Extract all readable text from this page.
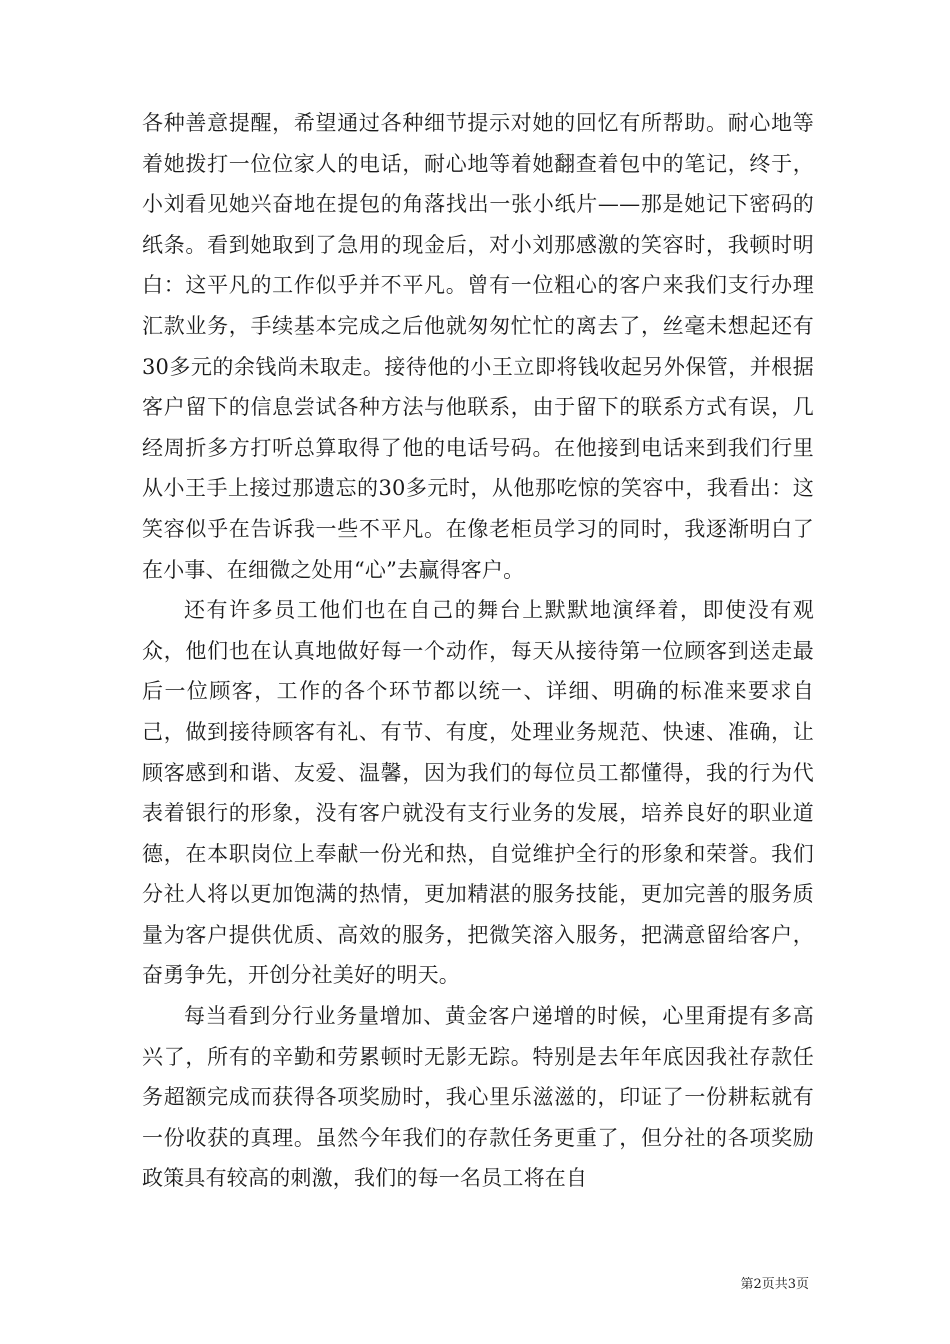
各种善意提醒，希望通过各种细节提示对她的回忆有所帮助。耐心地等着她拨打一位位家人的电话，耐心地等着她翻查着包中的笔记，终于，小刘看见她兴奋地在提包的角落找出一张小纸片——那是她记下密码的纸条。看到她取到了急用的现金后，对小刘那感激的笑容时，我顿时明白：这平凡的工作似乎并不平凡。曾有一位粗心的客户来我们支行办理汇款业务，手续基本完成之后他就匆匆忙忙的离去了，丝毫未想起还有30多元的余钱尚未取走。接待他的小王立即将钱收起另外保管，并根据客户留下的信息尝试各种方法与他联系，由于留下的联系方式有误，几经周折多方打听总算取得了他的电话号码。在他接到电话来到我们行里从小王手上接过那遗忘的30多元时，从他那吃惊的笑容中，我看出：这笑容似乎在告诉我一些不平凡。在像老柜员学习的同时，我逐渐明白了在小事、在细微之处用“心”去赢得客户。

还有许多员工他们也在自己的舞台上默默地演绎着，即使没有观众，他们也在认真地做好每一个动作，每天从接待第一位顾客到送走最后一位顾客，工作的各个环节都以统一、详细、明确的标准来要求自己，做到接待顾客有礼、有节、有度，处理业务规范、快速、准确，让顾客感到和谐、友爱、温馨，因为我们的每位员工都懂得，我的行为代表着银行的形象，没有客户就没有支行业务的发展，培养良好的职业道德，在本职岗位上奉献一份光和热，自觉维护全行的形象和荣誉。我们分社人将以更加饱满的热情，更加精湛的服务技能，更加完善的服务质量为客户提供优质、高效的服务，把微笑溶入服务，把满意留给客户，奋勇争先，开创分社美好的明天。

每当看到分行业务量增加、黄金客户递增的时候，心里甭提有多高兴了，所有的辛勤和劳累顿时无影无踪。特别是去年年底因我社存款任务超额完成而获得各项奖励时，我心里乐滋滋的，印证了一份耕耘就有一份收获的真理。虽然今年我们的存款任务更重了，但分社的各项奖励政策具有较高的刺激，我们的每一名员工将在自

第2页共3页
